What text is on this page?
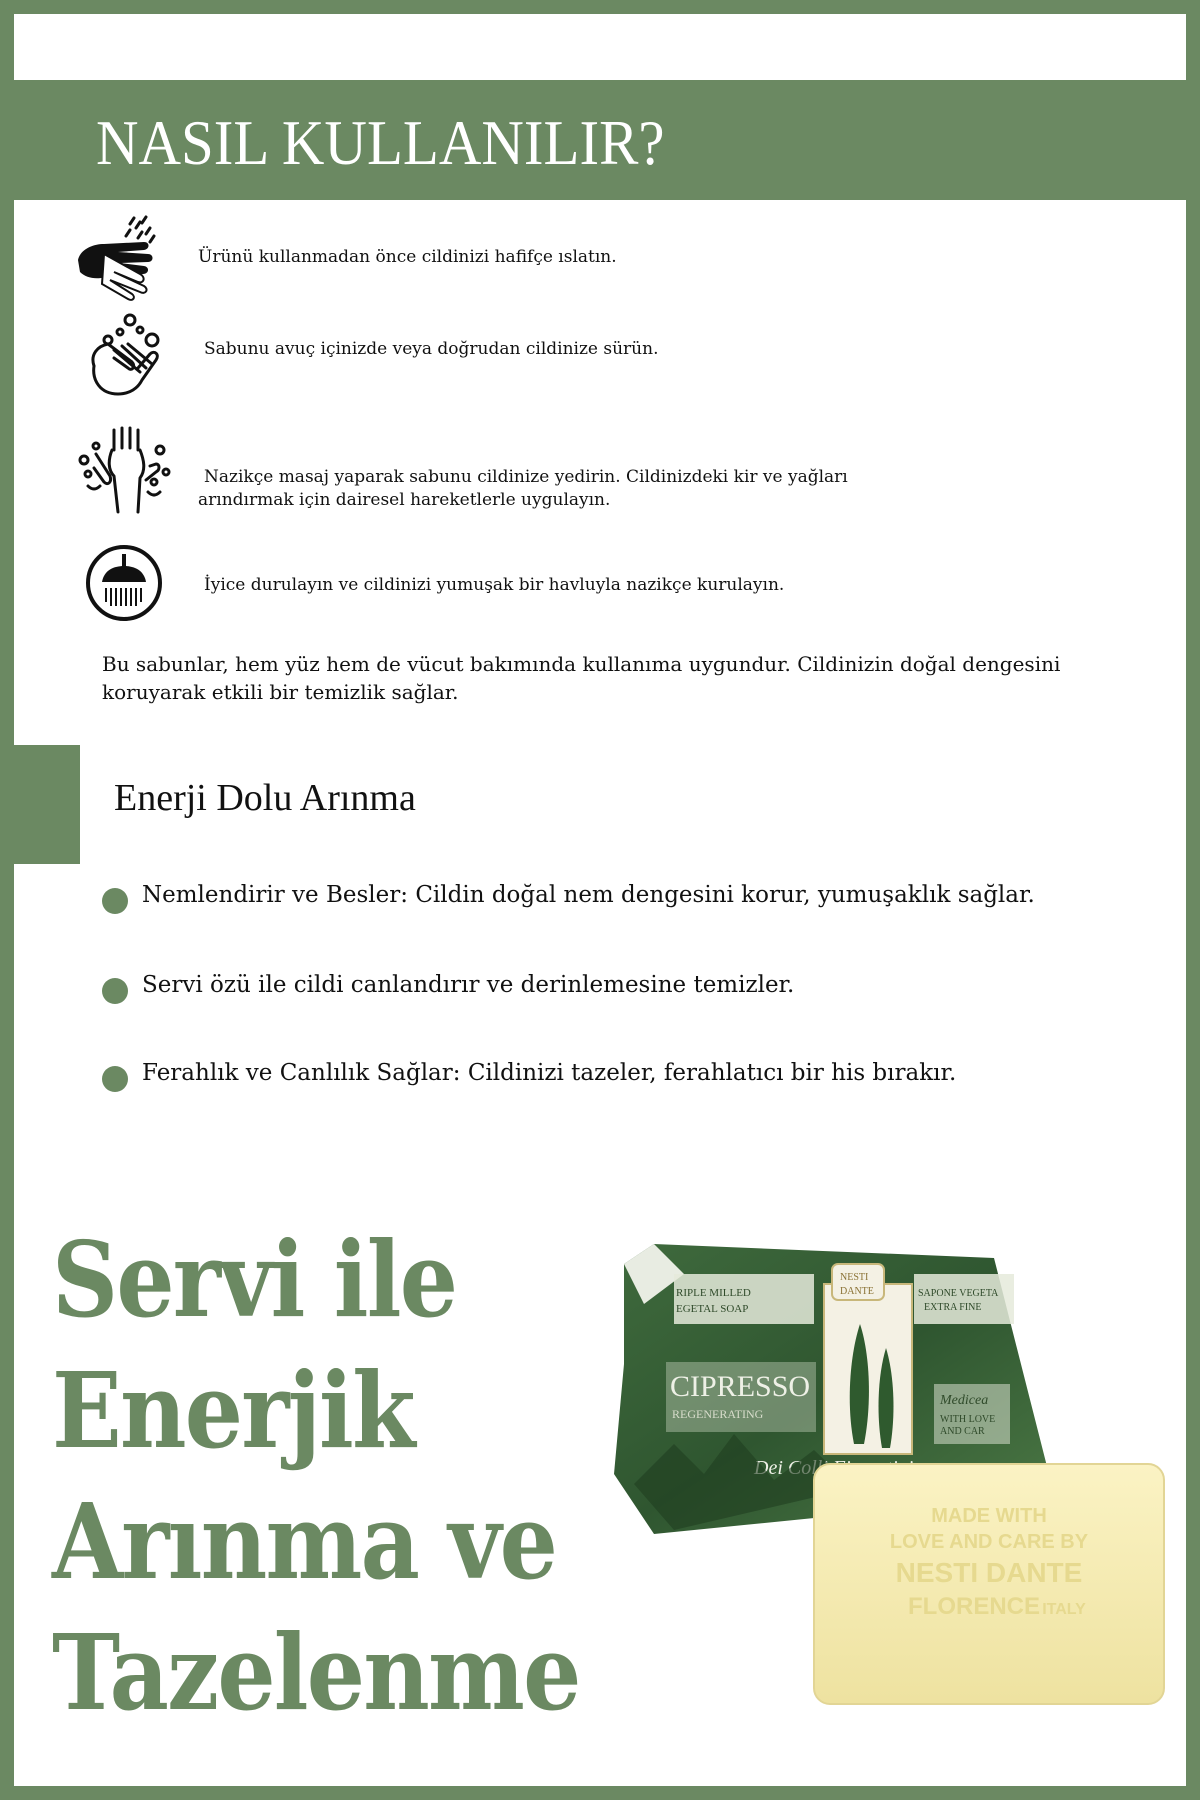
NASIL KULLANILIR?
Ürünü kullanmadan önce cildinizi hafifçe ıslatın.
Sabunu avuç içinizde veya doğrudan cildinize sürün.
Nazikçe masaj yaparak sabunu cildinize yedirin. Cildinizdeki kir ve yağları
arındırmak için dairesel hareketlerle uygulayın.
İyice durulayın ve cildinizi yumuşak bir havluyla nazikçe kurulayın.
Bu sabunlar, hem yüz hem de vücut bakımında kullanıma uygundur. Cildinizin doğal dengesini
koruyarak etkili bir temizlik sağlar.
Enerji Dolu Arınma
Nemlendirir ve Besler: Cildin doğal nem dengesini korur, yumuşaklık sağlar.
Servi özü ile cildi canlandırır ve derinlemesine temizler.
Ferahlık ve Canlılık Sağlar: Cildinizi tazeler, ferahlatıcı bir his bırakır.
Servi ile
Enerjik
Arınma ve
Tazelenme
RIPLE MILLED
EGETAL SOAP
NESTI
DANTE	SAPONE VEGETA
EXTRA FINE
CIPRESSO
REGENERATING
Medicea
WITH LOVE
AND CAR
Dei
MADE WITH
LOVE AND CARE BY
NESTI DANTE
FLORENCE ITALY
